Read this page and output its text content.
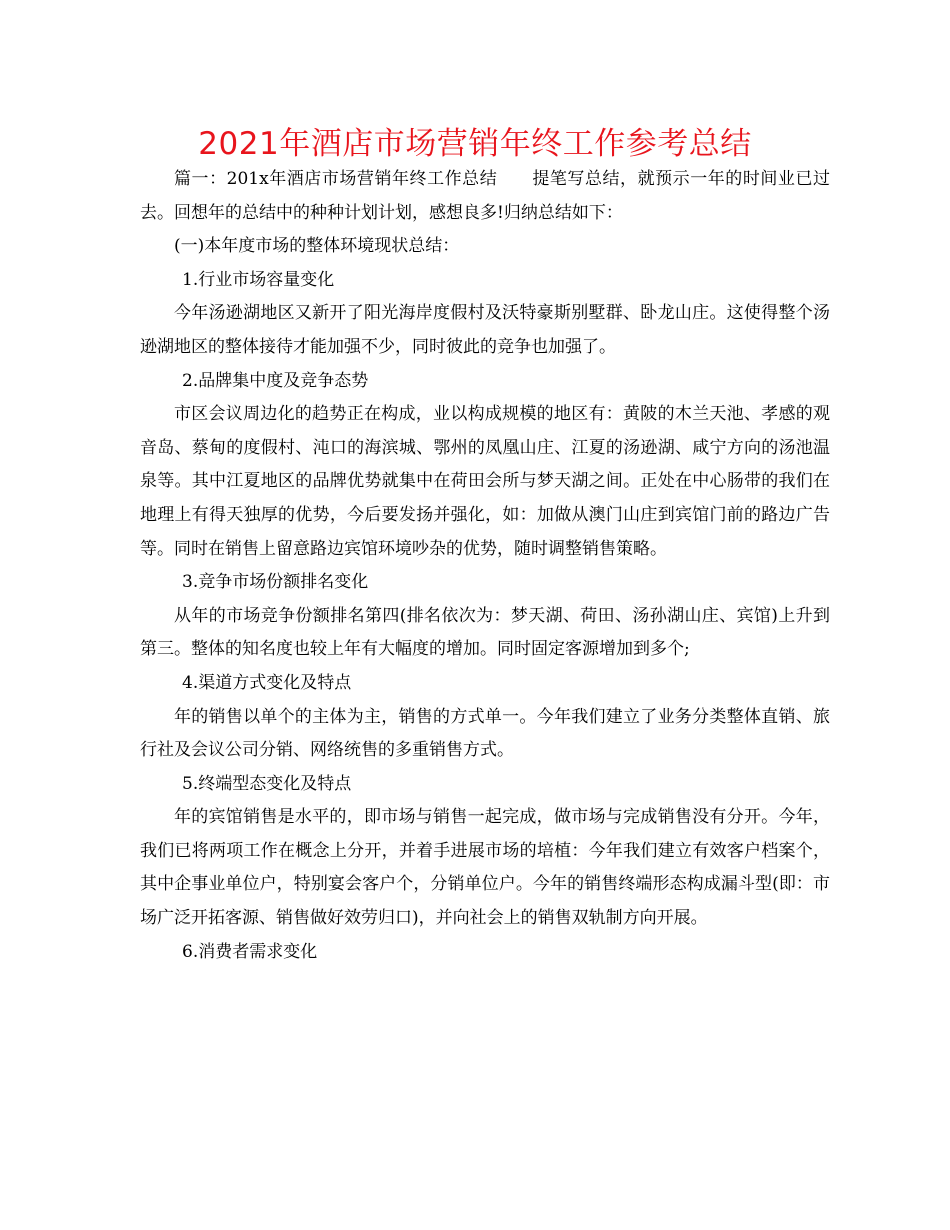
2021年酒店市场营销年终工作参考总结

篇一：201x年酒店市场营销年终工作总结　　提笔写总结，就预示一年的时间业已过去。回想年的总结中的种种计划计划，感想良多!归纳总结如下：

(一)本年度市场的整体环境现状总结：

1.行业市场容量变化

今年汤逊湖地区又新开了阳光海岸度假村及沃特豪斯别墅群、卧龙山庄。这使得整个汤逊湖地区的整体接待才能加强不少，同时彼此的竞争也加强了。

2.品牌集中度及竞争态势

市区会议周边化的趋势正在构成，业以构成规模的地区有：黄陂的木兰天池、孝感的观音岛、蔡甸的度假村、沌口的海滨城、鄂州的凤凰山庄、江夏的汤逊湖、咸宁方向的汤池温泉等。其中江夏地区的品牌优势就集中在荷田会所与梦天湖之间。正处在中心肠带的我们在地理上有得天独厚的优势，今后要发扬并强化，如：加做从澳门山庄到宾馆门前的路边广告等。同时在销售上留意路边宾馆环境吵杂的优势，随时调整销售策略。

3.竞争市场份额排名变化

从年的市场竞争份额排名第四(排名依次为：梦天湖、荷田、汤孙湖山庄、宾馆)上升到第三。整体的知名度也较上年有大幅度的增加。同时固定客源增加到多个;

4.渠道方式变化及特点

年的销售以单个的主体为主，销售的方式单一。今年我们建立了业务分类整体直销、旅行社及会议公司分销、网络统售的多重销售方式。

5.终端型态变化及特点

年的宾馆销售是水平的，即市场与销售一起完成，做市场与完成销售没有分开。今年，我们已将两项工作在概念上分开，并着手进展市场的培植：今年我们建立有效客户档案个，其中企事业单位户，特别宴会客户个，分销单位户。今年的销售终端形态构成漏斗型(即：市场广泛开拓客源、销售做好效劳归口)，并向社会上的销售双轨制方向开展。

6.消费者需求变化
